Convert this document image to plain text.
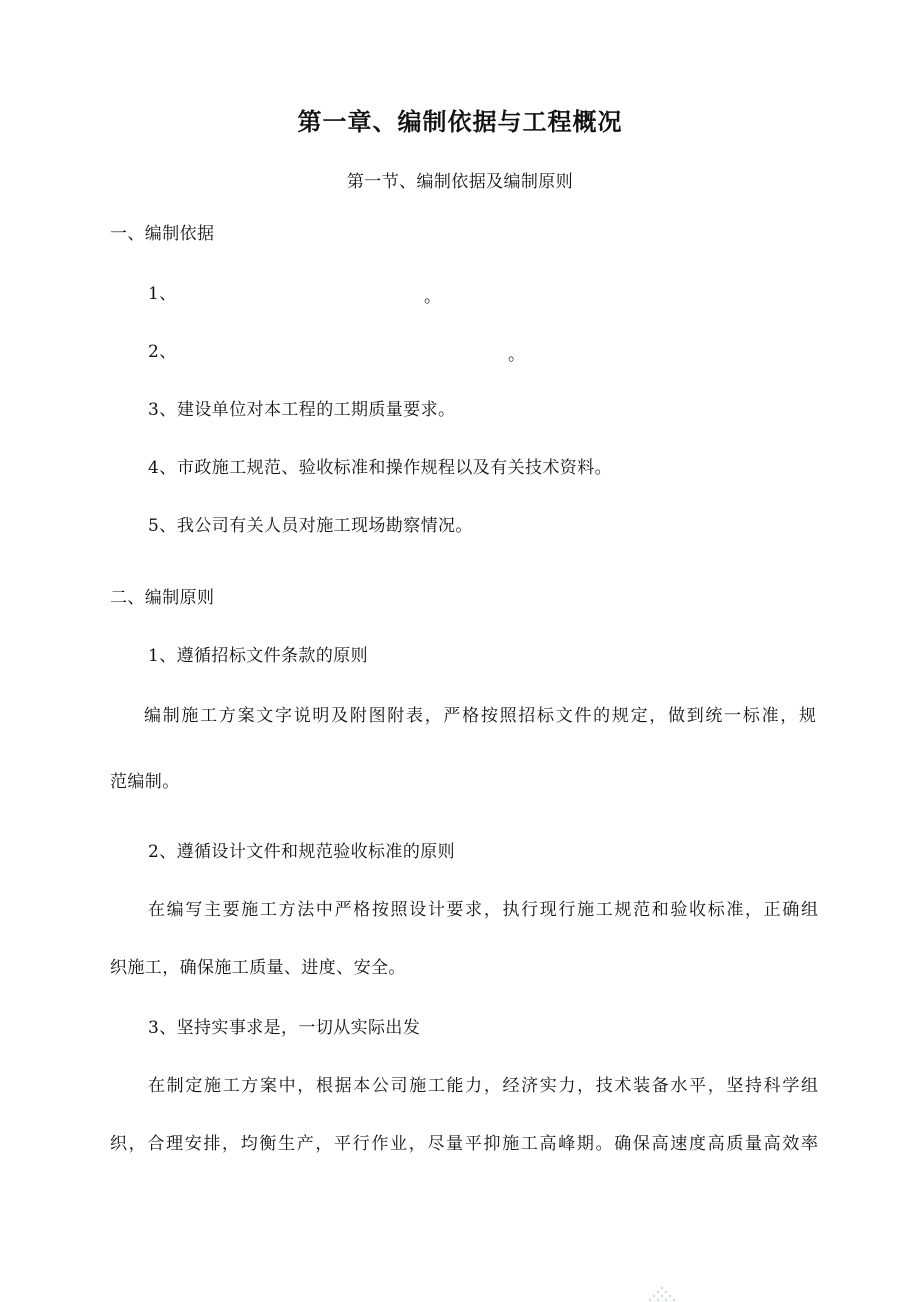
第一章、编制依据与工程概况
第一节、编制依据及编制原则
一、编制依据
1、	。
2、	。
3、 建设单位对本工程的工期质量要求。
4、 市政施工规范、验收标准和操作规程以及有关技术资料。
5、 我公司有关人员对施工现场勘察情况。
二、编制原则
1、遵循招标文件条款的原则
编制施工方案文字说明及附图附表，严格按照招标文件的规定，做到统一标准，规
范编制。
2、遵循设计文件和规范验收标准的原则
在编写主要施工方法中严格按照设计要求，执行现行施工规范和验收标准，正确组
织施工，确保施工质量、进度、安全。
3、坚持实事求是，一切从实际出发
在制定施工方案中，根据本公司施工能力，经济实力，技术装备水平，坚持科学组
织，合理安排，均衡生产，平行作业，尽量平抑施工高峰期。确保高速度高质量高效率
